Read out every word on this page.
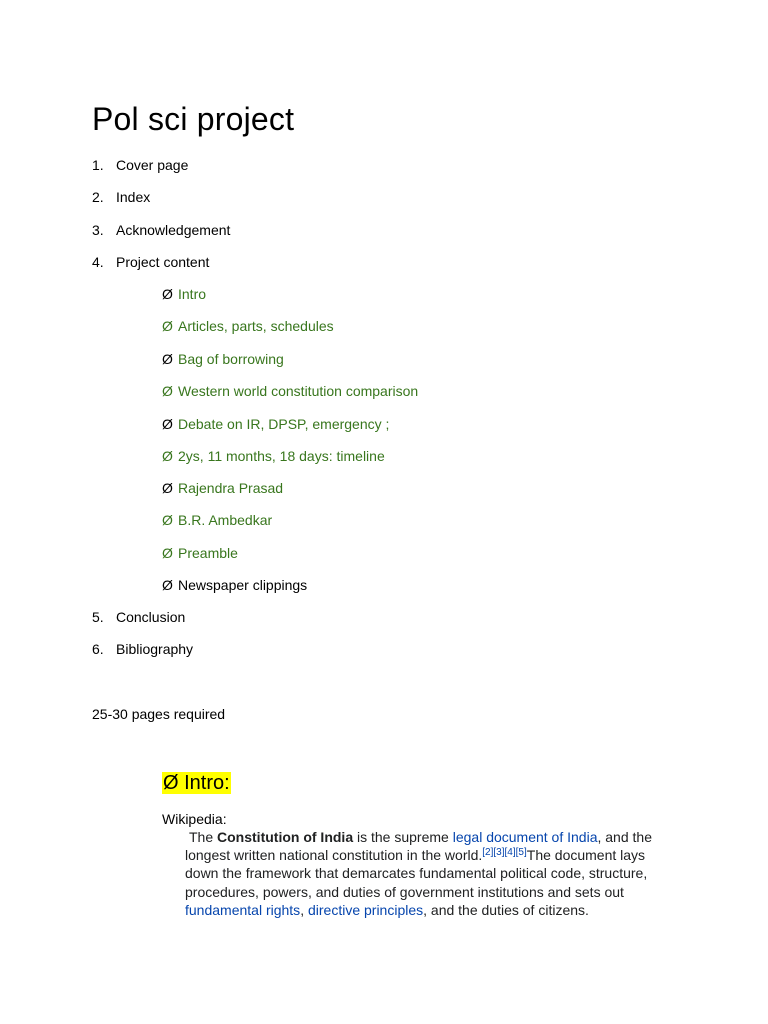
Pol sci project
1. Cover page
2. Index
3. Acknowledgement
4. Project content
5. Conclusion
6. Bibliography
Ø Intro
Ø Articles, parts, schedules
Ø Bag of borrowing
Ø Western world constitution comparison
Ø Debate on IR, DPSP, emergency ;
Ø 2ys, 11 months, 18 days: timeline
Ø Rajendra Prasad
Ø B.R. Ambedkar
Ø Preamble
Ø Newspaper clippings
25-30 pages required
Ø Intro:
Wikipedia:

The Constitution of India is the supreme legal document of India, and the longest written national constitution in the world.[2][3][4][5]The document lays down the framework that demarcates fundamental political code, structure, procedures, powers, and duties of government institutions and sets out fundamental rights, directive principles, and the duties of citizens.
